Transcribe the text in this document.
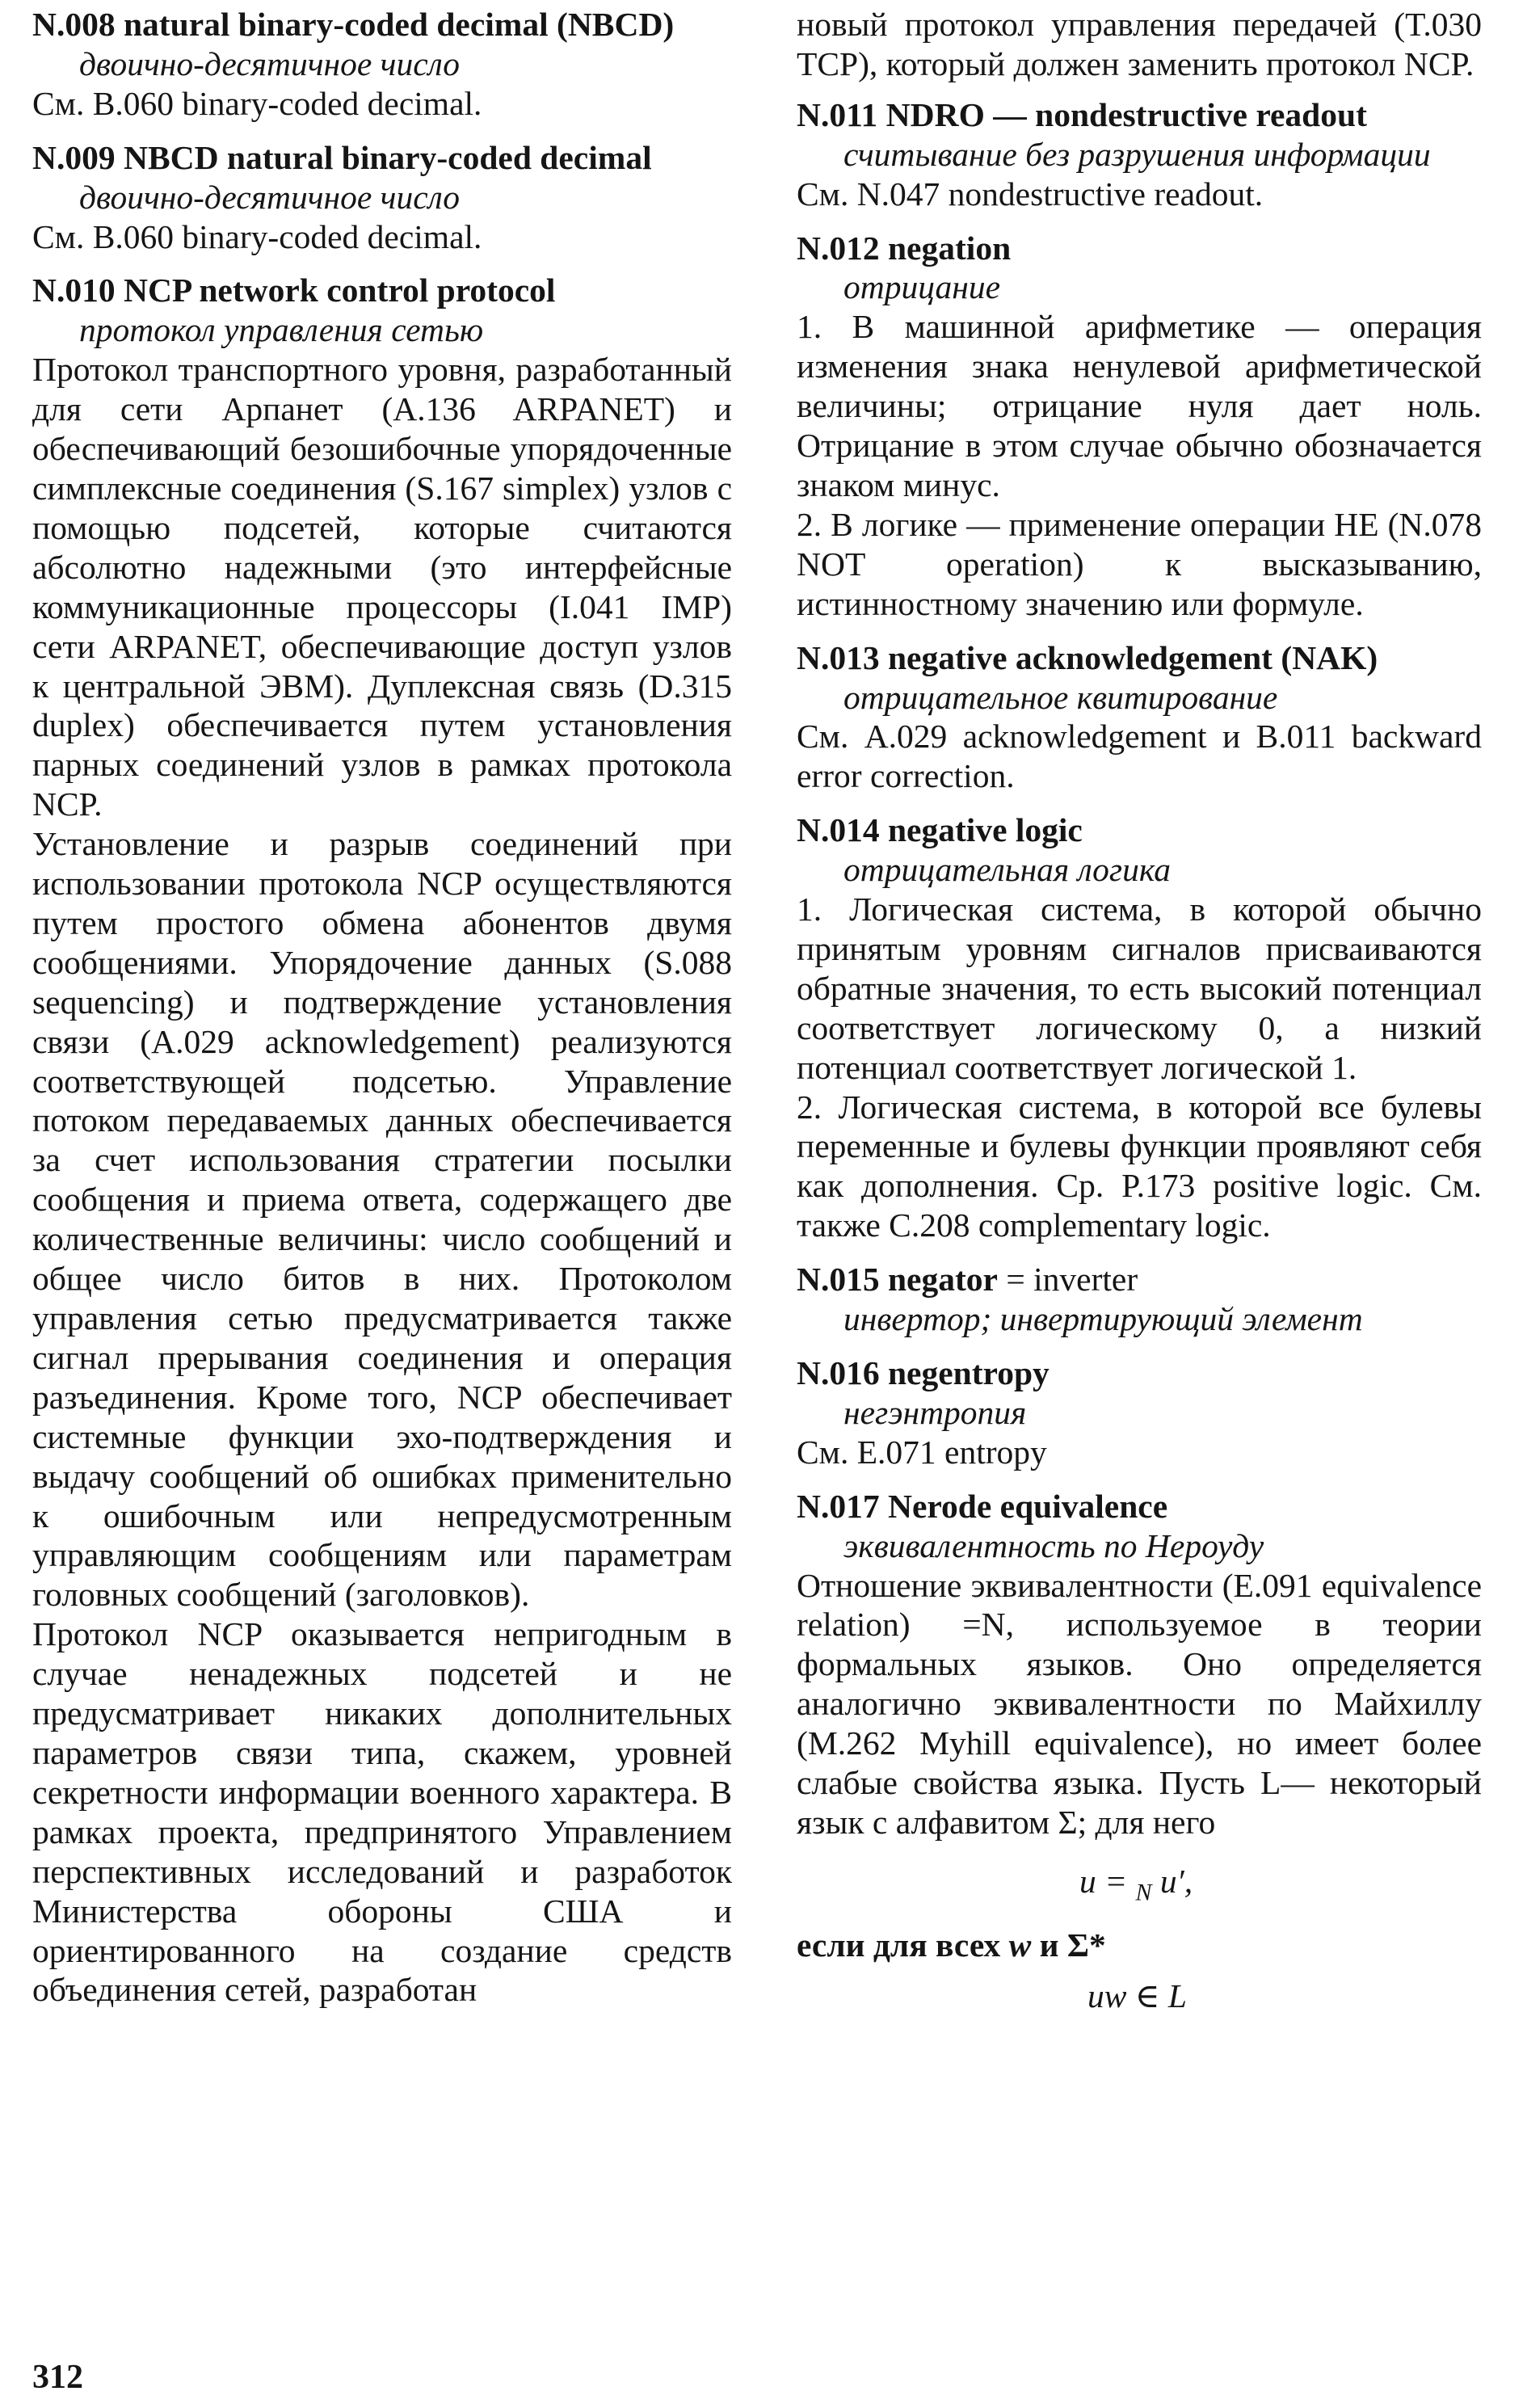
N.008 natural binary-coded decimal (NBCD)
двоично-десятичное число
См. B.060 binary-coded decimal.
N.009 NBCD natural binary-coded decimal
двоично-десятичное число
См. B.060 binary-coded decimal.
N.010 NCP network control protocol
протокол управления сетью
Протокол транспортного уровня, разработанный для сети Арпанет (A.136 ARPANET) и обеспечивающий безошибочные упорядоченные симплексные соединения (S.167 simplex) узлов с помощью подсетей, которые считаются абсолютно надежными (это интерфейсные коммуникационные процессоры (I.041 IMP) сети ARPANET, обеспечивающие доступ узлов к центральной ЭВМ). Дуплексная связь (D.315 duplex) обеспечивается путем установления парных соединений узлов в рамках протокола NCP.
Установление и разрыв соединений при использовании протокола NCP осуществляются путем простого обмена абонентов двумя сообщениями. Упорядочение данных (S.088 sequencing) и подтверждение установления связи (A.029 acknowledgement) реализуются соответствующей подсетью. Управление потоком передаваемых данных обеспечивается за счет использования стратегии посылки сообщения и приема ответа, содержащего две количественные величины: число сообщений и общее число битов в них. Протоколом управления сетью предусматривается также сигнал прерывания соединения и операция разъединения. Кроме того, NCP обеспечивает системные функции эхо-подтверждения и выдачу сообщений об ошибках применительно к ошибочным или непредусмотренным управляющим сообщениям или параметрам головных сообщений (заголовков).
Протокол NCP оказывается непригодным в случае ненадежных подсетей и не предусматривает никаких дополнительных параметров связи типа, скажем, уровней секретности информации военного характера. В рамках проекта, предпринятого Управлением перспективных исследований и разработок Министерства обороны США и ориентированного на создание средств объединения сетей, разработан
новый протокол управления передачей (T.030 TCP), который должен заменить протокол NCP.
N.011 NDRO — nondestructive readout
считывание без разрушения информации
См. N.047 nondestructive readout.
N.012 negation
отрицание
1. В машинной арифметике — операция изменения знака ненулевой арифметической величины; отрицание нуля дает ноль. Отрицание в этом случае обычно обозначается знаком минус.
2. В логике — применение операции НЕ (N.078 NOT operation) к высказыванию, истинностному значению или формуле.
N.013 negative acknowledgement (NAK)
отрицательное квитирование
См. A.029 acknowledgement и B.011 backward error correction.
N.014 negative logic
отрицательная логика
1. Логическая система, в которой обычно принятым уровням сигналов присваиваются обратные значения, то есть высокий потенциал соответствует логическому 0, а низкий потенциал соответствует логической 1.
2. Логическая система, в которой все булевы переменные и булевы функции проявляют себя как дополнения. Ср. P.173 positive logic. См. также C.208 complementary logic.
N.015 negator = inverter
инвертор; инвертирующий элемент
N.016 negentropy
негэнтропия
См. E.071 entropy
N.017 Nerode equivalence
эквивалентность по Нероуду
Отношение эквивалентности (E.091 equivalence relation) =N, используемое в теории формальных языков. Оно определяется аналогично эквивалентности по Майхиллу (M.262 Myhill equivalence), но имеет более слабые свойства языка. Пусть L— некоторый язык с алфавитом Σ; для него
u = $_N$ u′,
если для всех w и Σ*
uw ∈ L
312
